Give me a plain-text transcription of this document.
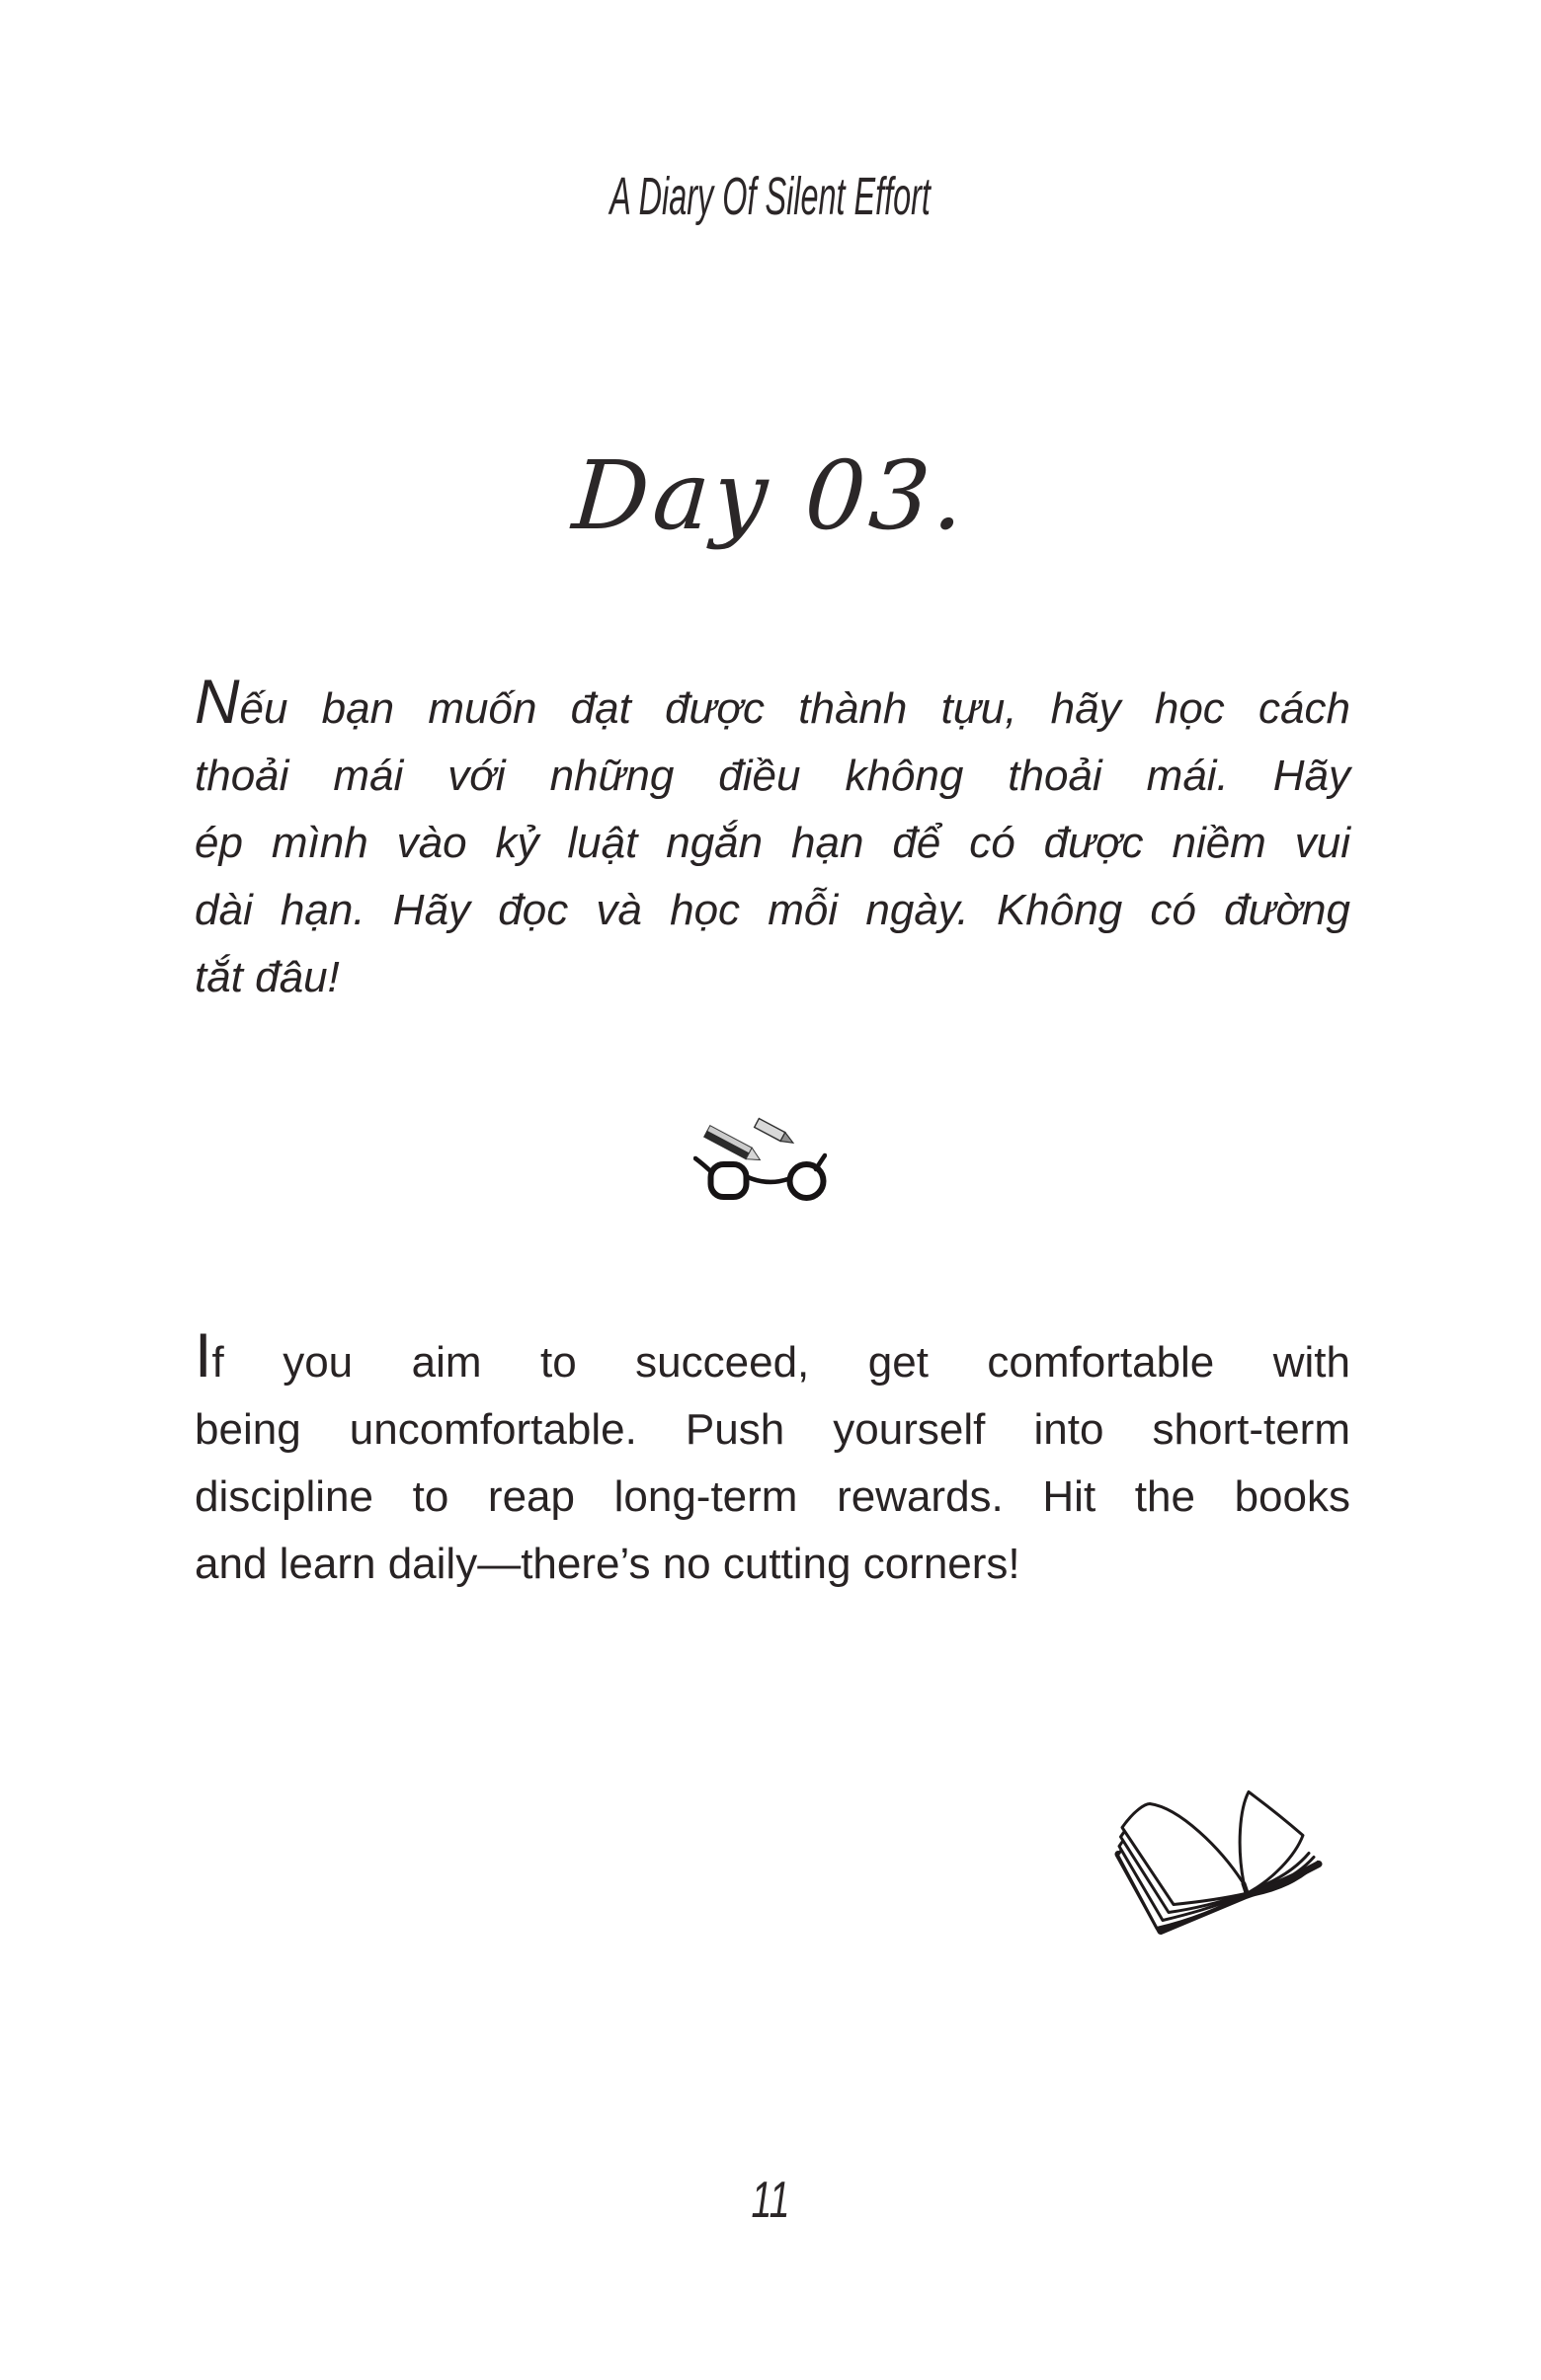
A Diary Of Silent Effort
Day 03.

Nếu bạn muốn đạt được thành tựu, hãy học cách

thoải mái với những điều không thoải mái. Hãy

ép mình vào kỷ luật ngắn hạn để có được niềm vui

dài hạn. Hãy đọc và học mỗi ngày. Không có đường

tắt đâu!

If you aim to succeed, get comfortable with

being uncomfortable. Push yourself into short-term

discipline to reap long-term rewards. Hit the books

and learn daily—there’s no cutting corners!

11
